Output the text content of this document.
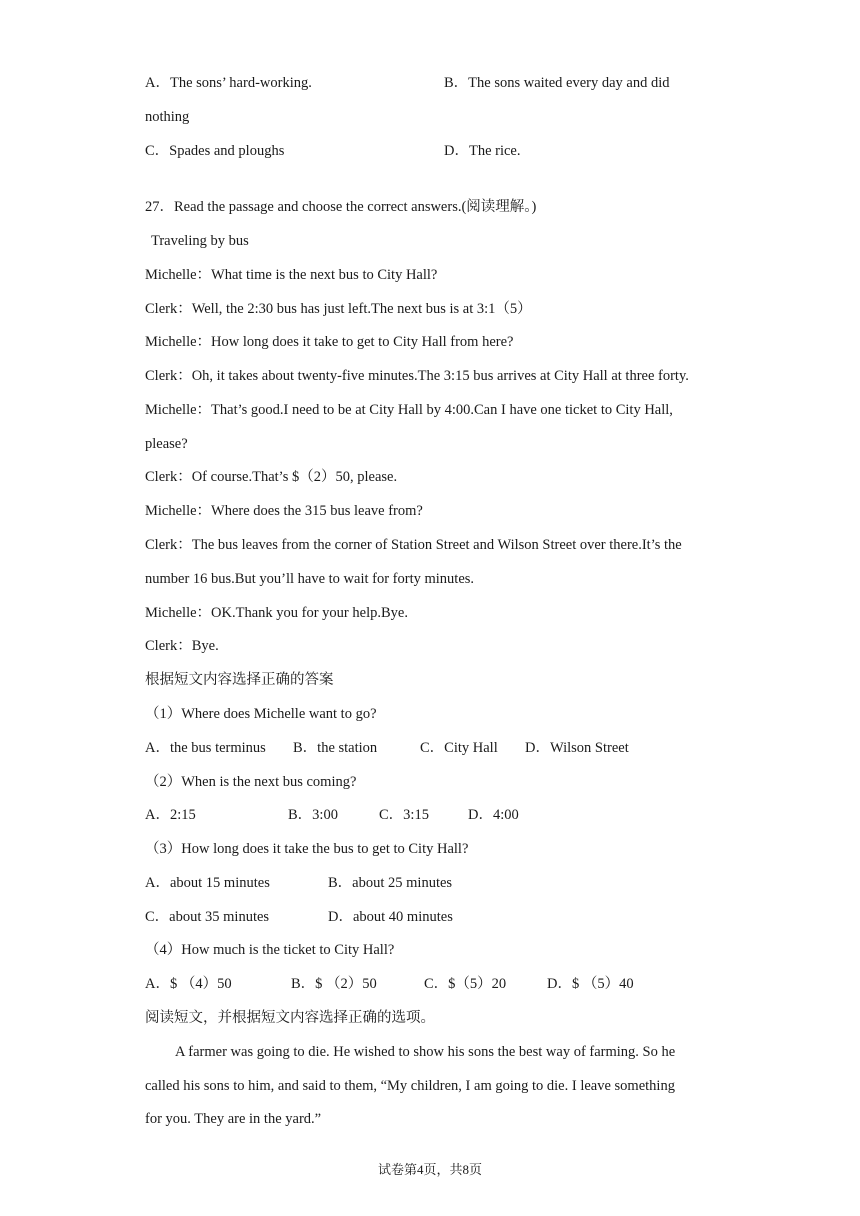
A．The sons’ hard-working.	B．The sons waited every day and did
nothing
C．Spades and ploughs	D．The rice.
27．Read the passage and choose the correct answers.(阅读理解。)
Traveling by bus
Michelle：What time is the next bus to City Hall?
Clerk：Well, the 2:30 bus has just left.The next bus is at 3:1（5）
Michelle：How long does it take to get to City Hall from here?
Clerk：Oh, it takes about twenty-five minutes.The 3:15 bus arrives at City Hall at three forty.
Michelle：That’s good.I need to be at City Hall by 4:00.Can I have one ticket to City Hall,
please?
Clerk：Of course.That’s $（2）50, please.
Michelle：Where does the 315 bus leave from?
Clerk：The bus leaves from the corner of Station Street and Wilson Street over there.It’s the
number 16 bus.But you’ll have to wait for forty minutes.
Michelle：OK.Thank you for your help.Bye.
Clerk：Bye.
根据短文内容选择正确的答案
（1）Where does Michelle want to go?
A．the bus terminus B．the station	C．City Hall D．Wilson Street
（2）When is the next bus coming?
A．2:15	B．3:00	C．3:15	D．4:00
（3）How long does it take the bus to get to City Hall?
A．about 15 minutes	B．about 25 minutes
C．about 35 minutes	D．about 40 minutes
（4）How much is the ticket to City Hall?
A．$ （4）50	B．$ （2）50	C．$（5）20	D．$ （5）40
阅读短文，并根据短文内容选择正确的选项。
A farmer was going to die. He wished to show his sons the best way of farming. So he
called his sons to him, and said to them, “My children, I am going to die. I leave something
for you. They are in the yard.”
试卷第4页，共8页
